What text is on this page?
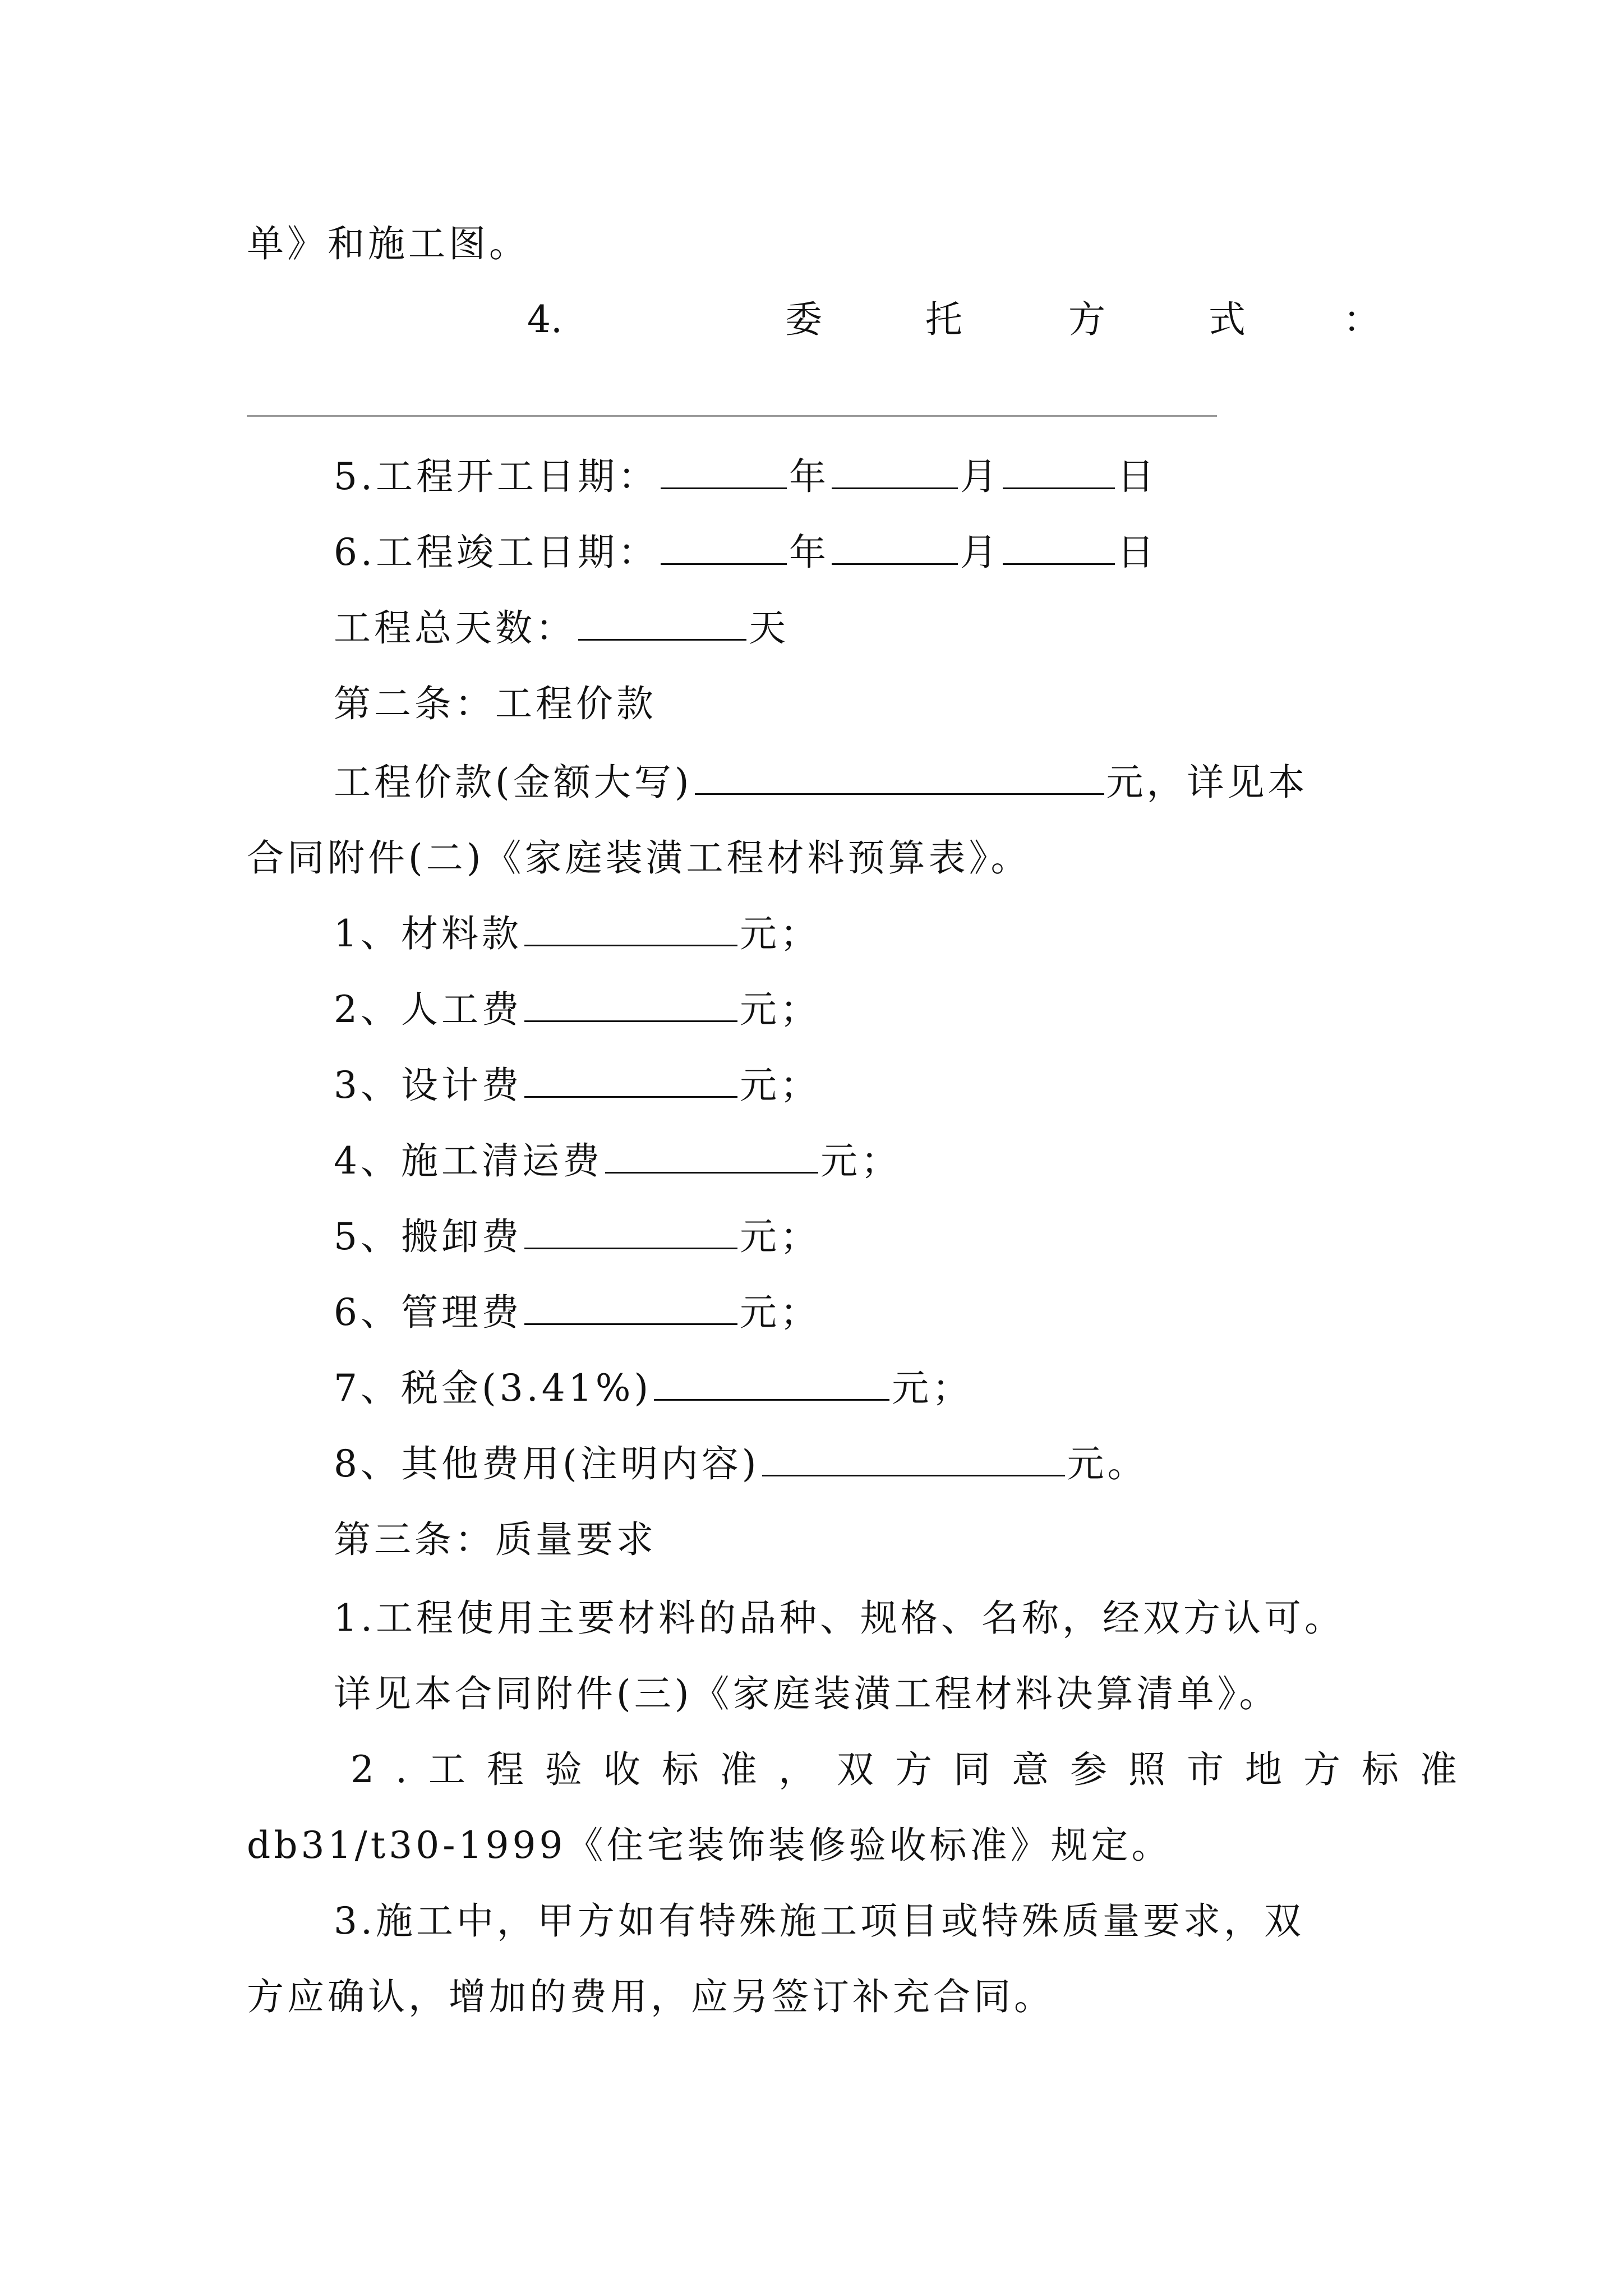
单》和施工图。
4.	委	托	方	式	：
5.工程开工日期：	年	月	日
6.工程竣工日期：	年	月	日
工程总天数：	天
第二条：工程价款
工程价款(金额大写)	元，详见本
合同附件(二)《家庭装潢工程材料预算表》。
1、材料款	元；
2、人工费	元；
3、设计费	元；
4、施工清运费	元；
5、搬卸费	元；
6、管理费	元；
7、税金(3.41%)	元；
8、其他费用(注明内容)	元。
第三条：质量要求
1.工程使用主要材料的品种、规格、名称，经双方认可。
详见本合同附件(三)《家庭装潢工程材料决算清单》。
2.工程验收标准，双方同意参照市地方标准
db31/t30-1999《住宅装饰装修验收标准》规定。
3.施工中，甲方如有特殊施工项目或特殊质量要求，双
方应确认，增加的费用，应另签订补充合同。
